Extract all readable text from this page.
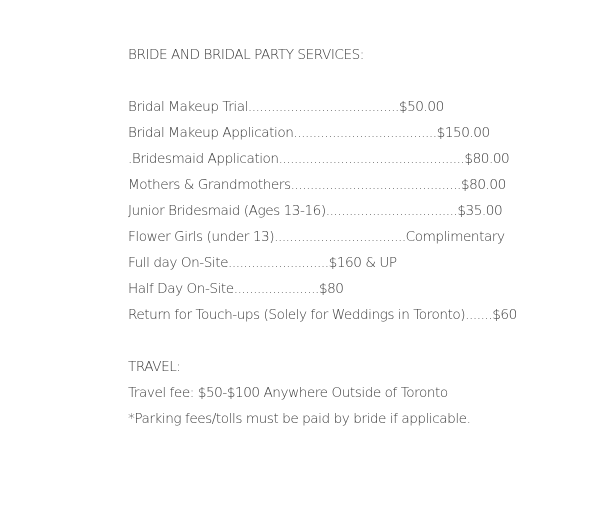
BRIDE AND BRIDAL PARTY SERVICES:
Bridal Makeup Trial.......................................$50.00
Bridal Makeup Application.....................................$150.00
.Bridesmaid Application................................................$80.00
Mothers & Grandmothers............................................$80.00
Junior Bridesmaid (Ages 13-16)..................................$35.00
Flower Girls (under 13)..................................Complimentary
Full day On-Site..........................$160 & UP
Half Day On-Site......................$80
Return for Touch-ups (Solely for Weddings in Toronto).......$60
TRAVEL:
Travel fee: $50-$100 Anywhere Outside of Toronto
*Parking fees/tolls must be paid by bride if applicable.
